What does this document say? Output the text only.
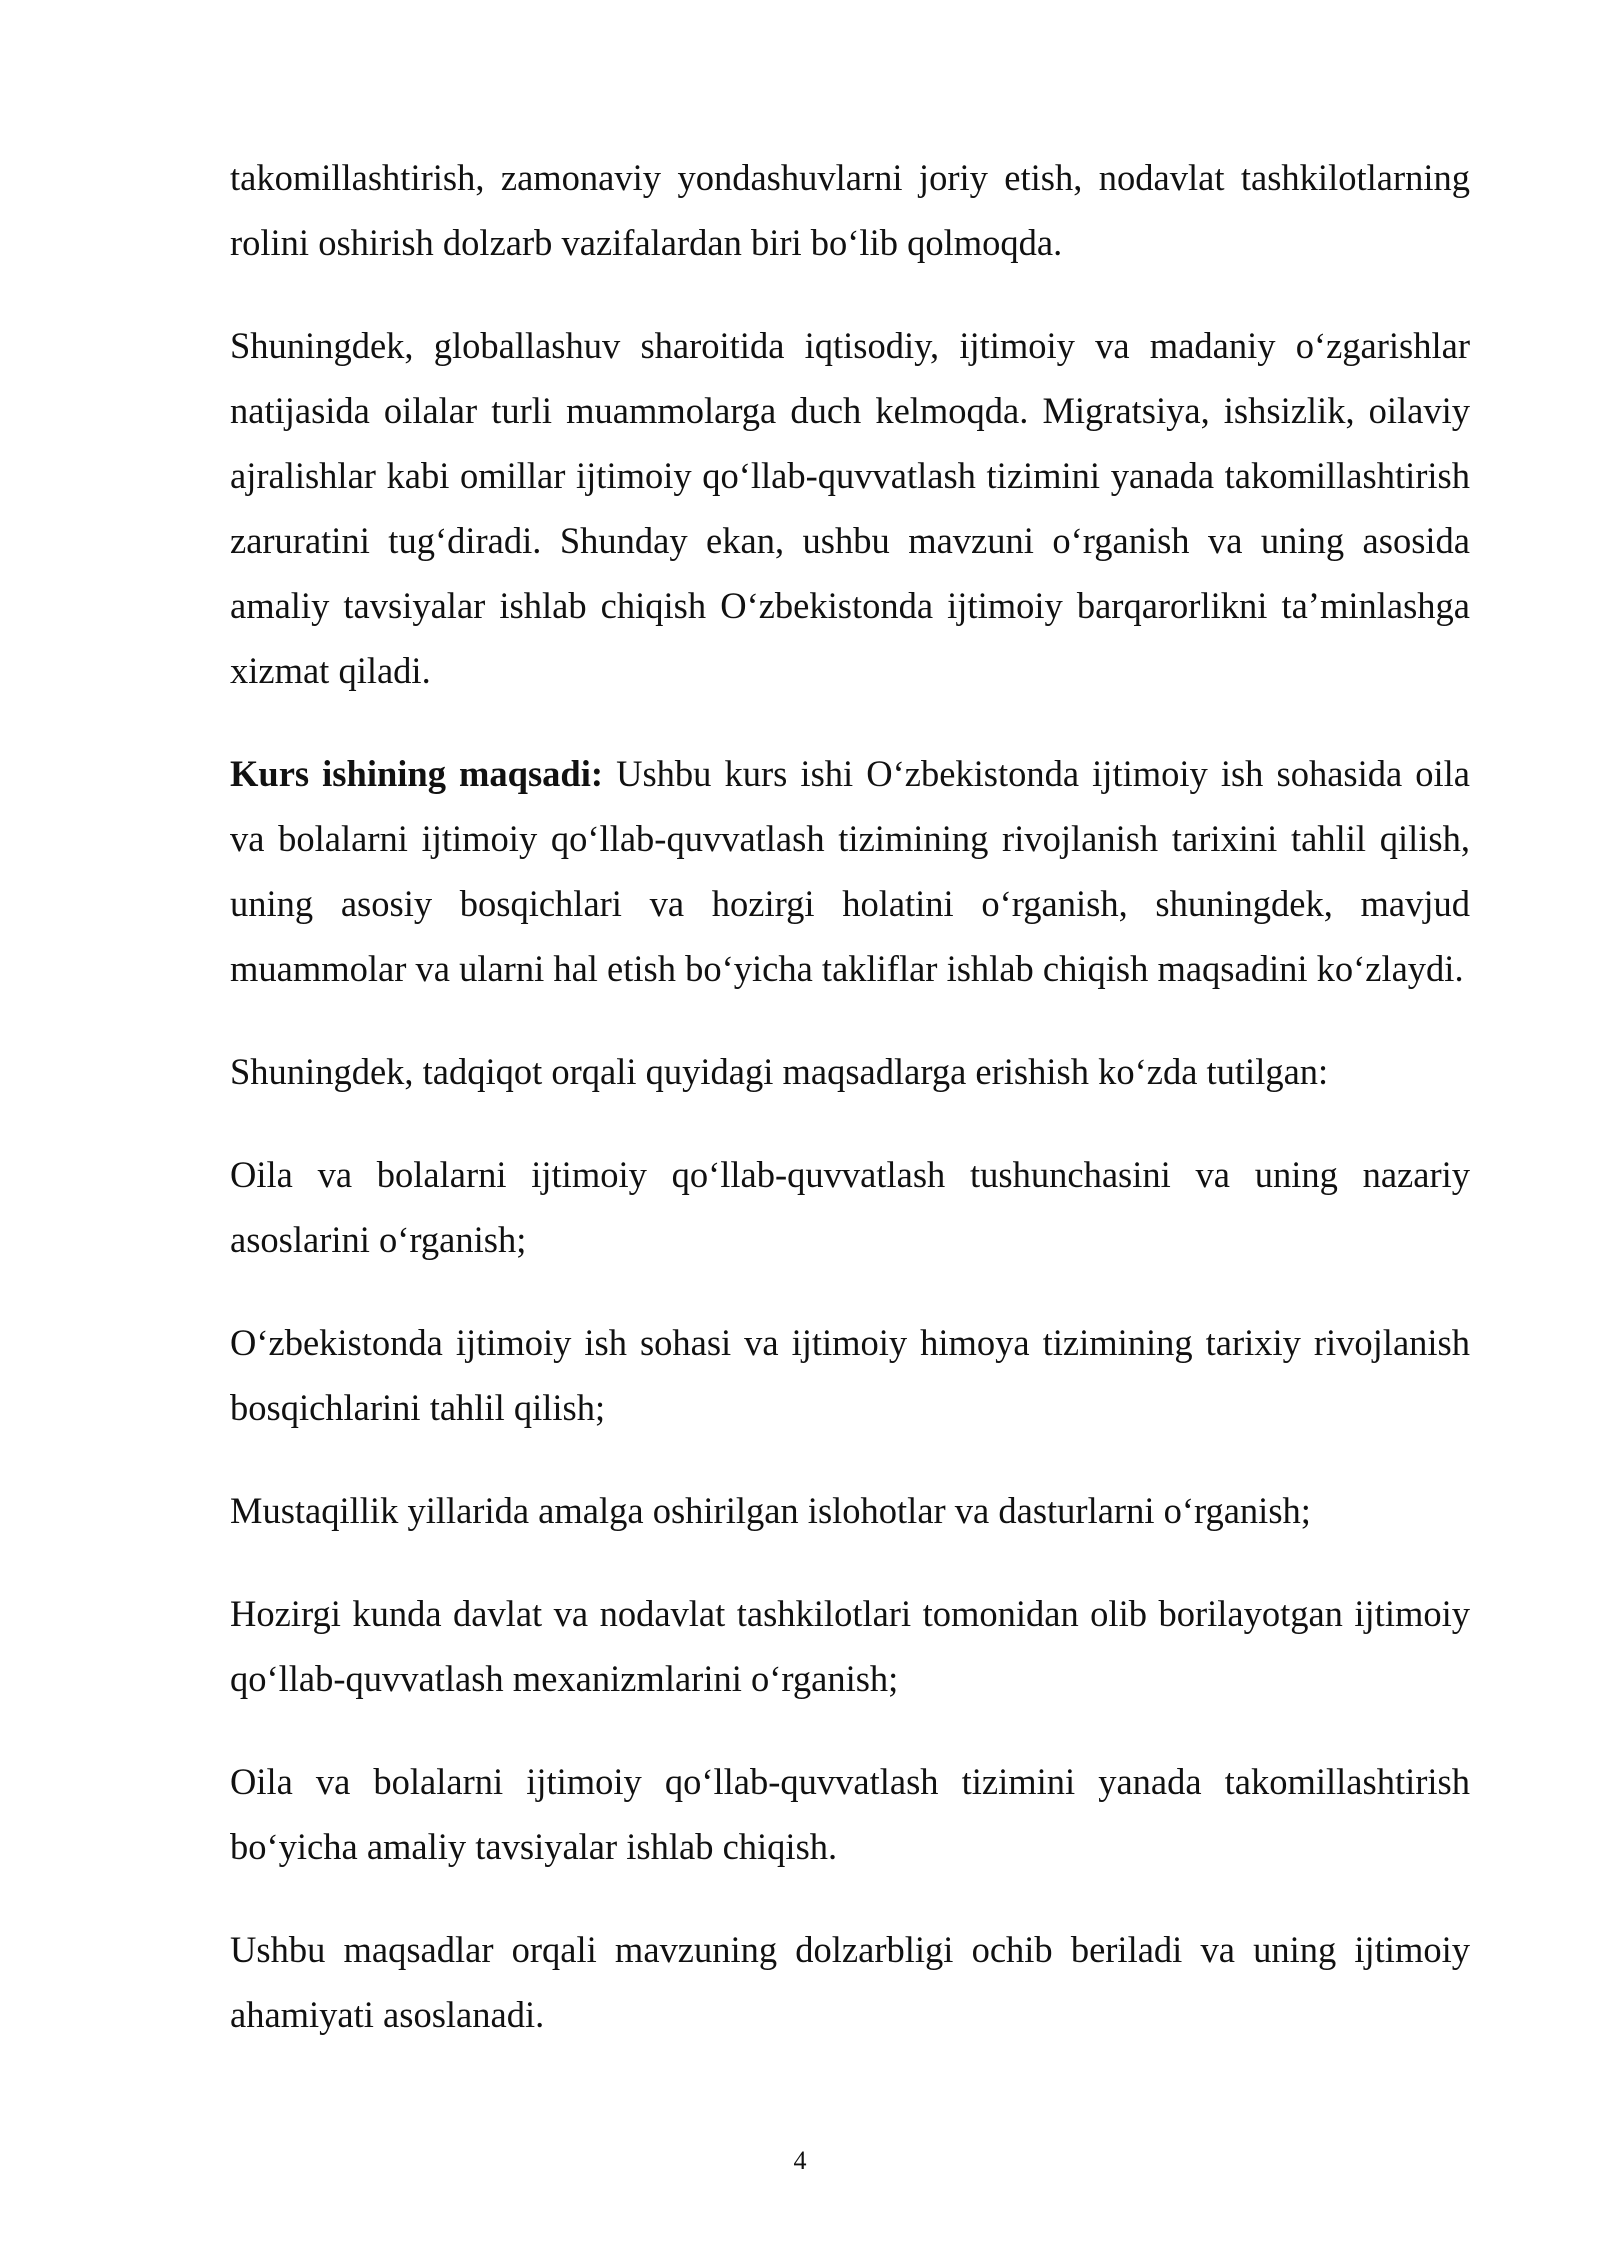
takomillashtirish, zamonaviy yondashuvlarni joriy etish, nodavlat tashkilotlarning rolini oshirish dolzarb vazifalardan biri bo‘lib qolmoqda.

Shuningdek, globallashuv sharoitida iqtisodiy, ijtimoiy va madaniy o‘zgarishlar natijasida oilalar turli muammolarga duch kelmoqda. Migratsiya, ishsizlik, oilaviy ajralishlar kabi omillar ijtimoiy qo‘llab-quvvatlash tizimini yanada takomillashtirish zaruratini tug‘diradi. Shunday ekan, ushbu mavzuni o‘rganish va uning asosida amaliy tavsiyalar ishlab chiqish O‘zbekistonda ijtimoiy barqarorlikni ta’minlashga xizmat qiladi.

Kurs ishining maqsadi: Ushbu kurs ishi O‘zbekistonda ijtimoiy ish sohasida oila va bolalarni ijtimoiy qo‘llab-quvvatlash tizimining rivojlanish tarixini tahlil qilish, uning asosiy bosqichlari va hozirgi holatini o‘rganish, shuningdek, mavjud muammolar va ularni hal etish bo‘yicha takliflar ishlab chiqish maqsadini ko‘zlaydi.

Shuningdek, tadqiqot orqali quyidagi maqsadlarga erishish ko‘zda tutilgan:

Oila va bolalarni ijtimoiy qo‘llab-quvvatlash tushunchasini va uning nazariy asoslarini o‘rganish;

O‘zbekistonda ijtimoiy ish sohasi va ijtimoiy himoya tizimining tarixiy rivojlanish bosqichlarini tahlil qilish;

Mustaqillik yillarida amalga oshirilgan islohotlar va dasturlarni o‘rganish;

Hozirgi kunda davlat va nodavlat tashkilotlari tomonidan olib borilayotgan ijtimoiy qo‘llab-quvvatlash mexanizmlarini o‘rganish;

Oila va bolalarni ijtimoiy qo‘llab-quvvatlash tizimini yanada takomillashtirish bo‘yicha amaliy tavsiyalar ishlab chiqish.

Ushbu maqsadlar orqali mavzuning dolzarbligi ochib beriladi va uning ijtimoiy ahamiyati asoslanadi.

4
